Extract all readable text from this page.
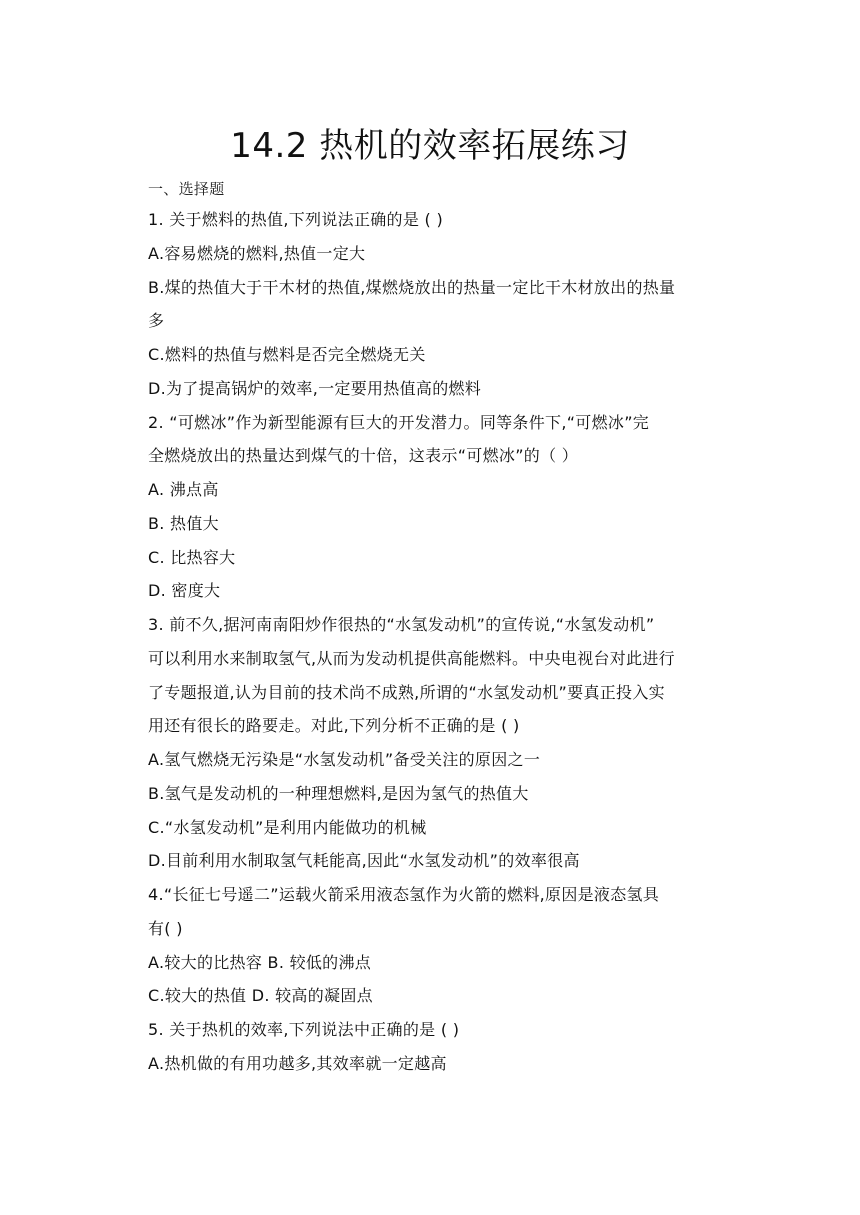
14.2 热机的效率拓展练习
一、选择题
1. 关于燃料的热值,下列说法正确的是 ( )
A.容易燃烧的燃料,热值一定大
B.煤的热值大于干木材的热值,煤燃烧放出的热量一定比干木材放出的热量
多
C.燃料的热值与燃料是否完全燃烧无关
D.为了提高锅炉的效率,一定要用热值高的燃料
2. “可燃冰”作为新型能源有巨大的开发潜力。同等条件下,“可燃冰”完
全燃烧放出的热量达到煤气的十倍，这表示“可燃冰”的（ ）
A. 沸点高
B. 热值大
C. 比热容大
D. 密度大
3. 前不久,据河南南阳炒作很热的“水氢发动机”的宣传说,“水氢发动机”
可以利用水来制取氢气,从而为发动机提供高能燃料。中央电视台对此进行
了专题报道,认为目前的技术尚不成熟,所谓的“水氢发动机”要真正投入实
用还有很长的路要走。对此,下列分析不正确的是 ( )
A.氢气燃烧无污染是“水氢发动机”备受关注的原因之一
B.氢气是发动机的一种理想燃料,是因为氢气的热值大
C.“水氢发动机”是利用内能做功的机械
D.目前利用水制取氢气耗能高,因此“水氢发动机”的效率很高
4.“长征七号遥二”运载火箭采用液态氢作为火箭的燃料,原因是液态氢具
有( )
A.较大的比热容 B. 较低的沸点
C.较大的热值 D. 较高的凝固点
5. 关于热机的效率,下列说法中正确的是 ( )
A.热机做的有用功越多,其效率就一定越高
